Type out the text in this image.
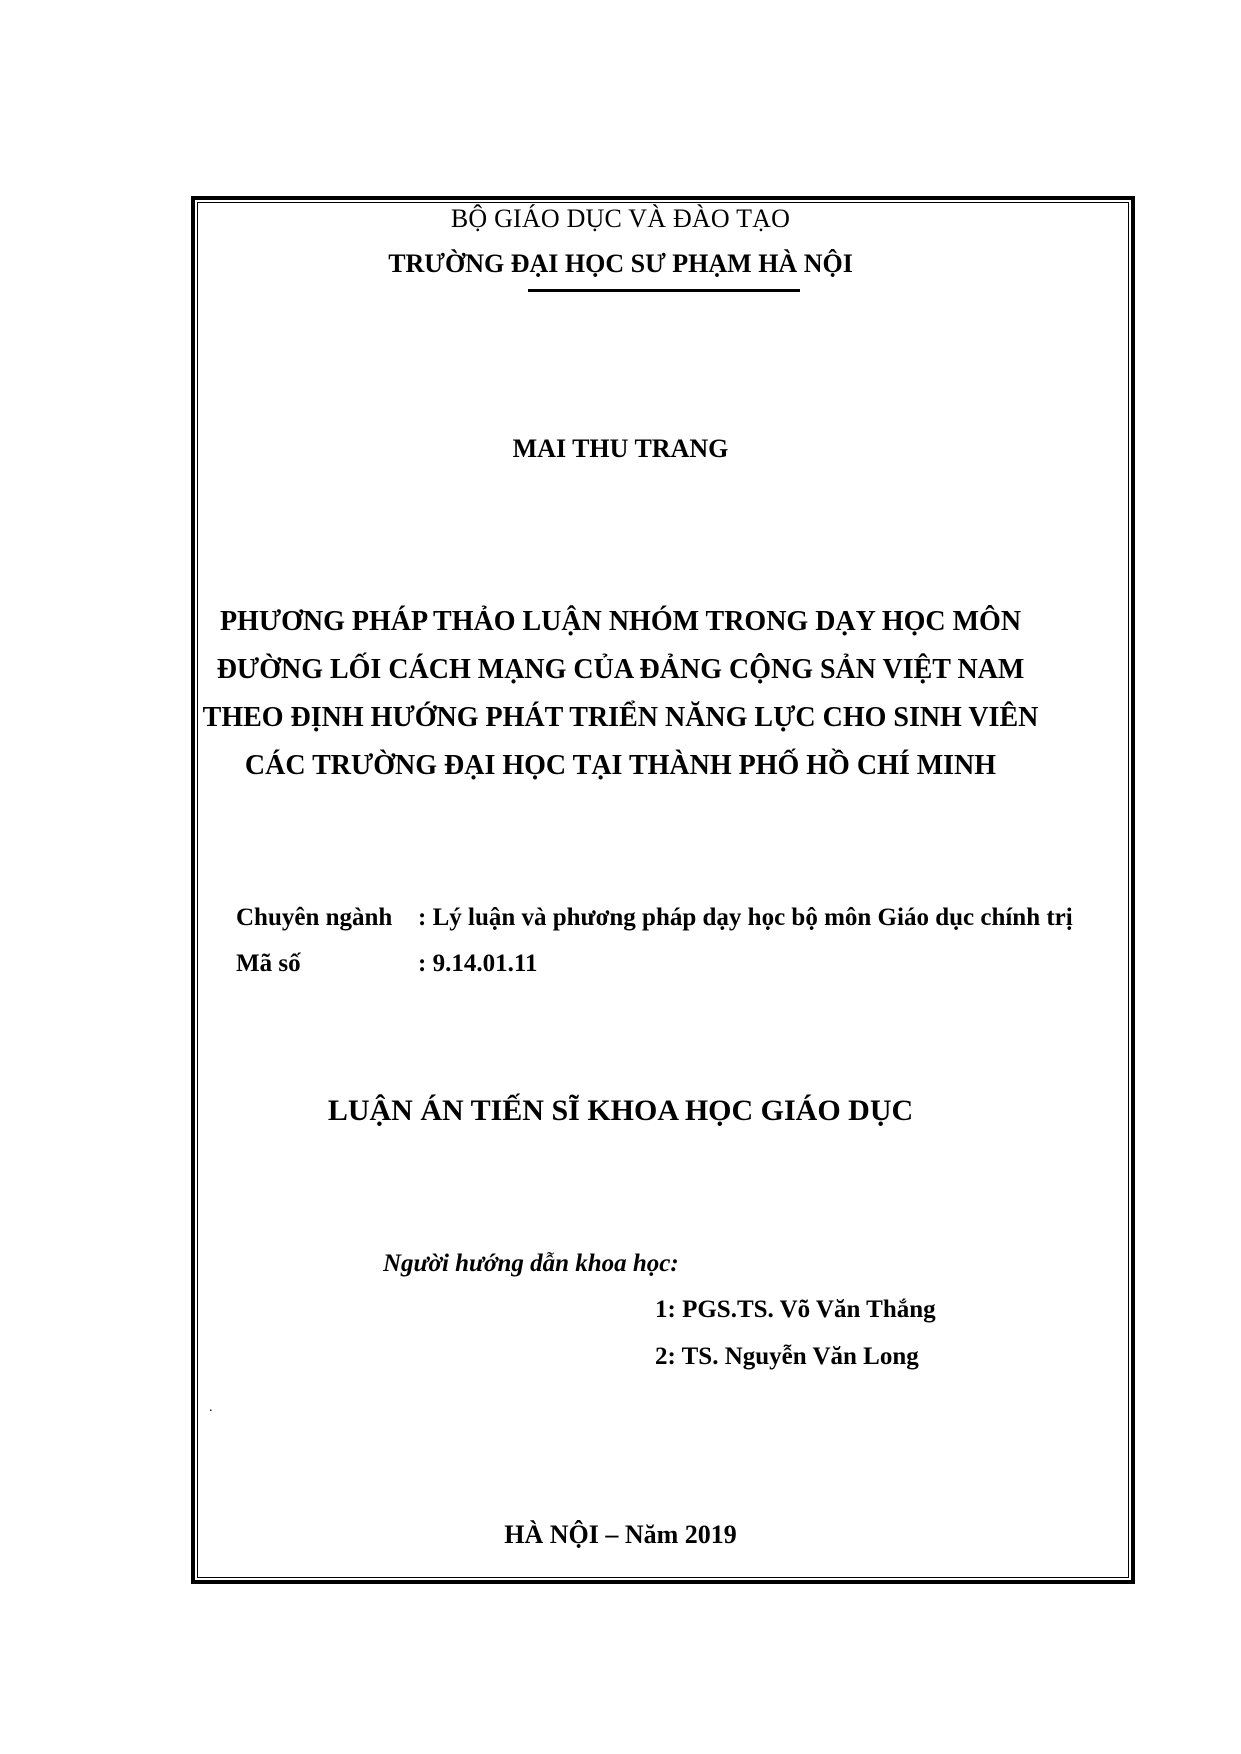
BỘ GIÁO DỤC VÀ ĐÀO TẠO
TRƯỜNG ĐẠI HỌC SƯ PHẠM HÀ NỘI
MAI THU TRANG
PHƯƠNG PHÁP THẢO LUẬN NHÓM TRONG DẠY HỌC MÔN
ĐƯỜNG LỐI CÁCH MẠNG CỦA ĐẢNG CỘNG SẢN VIỆT NAM
THEO ĐỊNH HƯỚNG PHÁT TRIỂN NĂNG LỰC CHO SINH VIÊN
CÁC TRƯỜNG ĐẠI HỌC TẠI THÀNH PHỐ HỒ CHÍ MINH
Chuyên ngành : Lý luận và phương pháp dạy học bộ môn Giáo dục chính trị
Mã số	: 9.14.01.11
LUẬN ÁN TIẾN SĨ KHOA HỌC GIÁO DỤC
Người hướng dẫn khoa học:
1: PGS.TS. Võ Văn Thắng
2: TS. Nguyễn Văn Long
.
HÀ NỘI – Năm 2019
